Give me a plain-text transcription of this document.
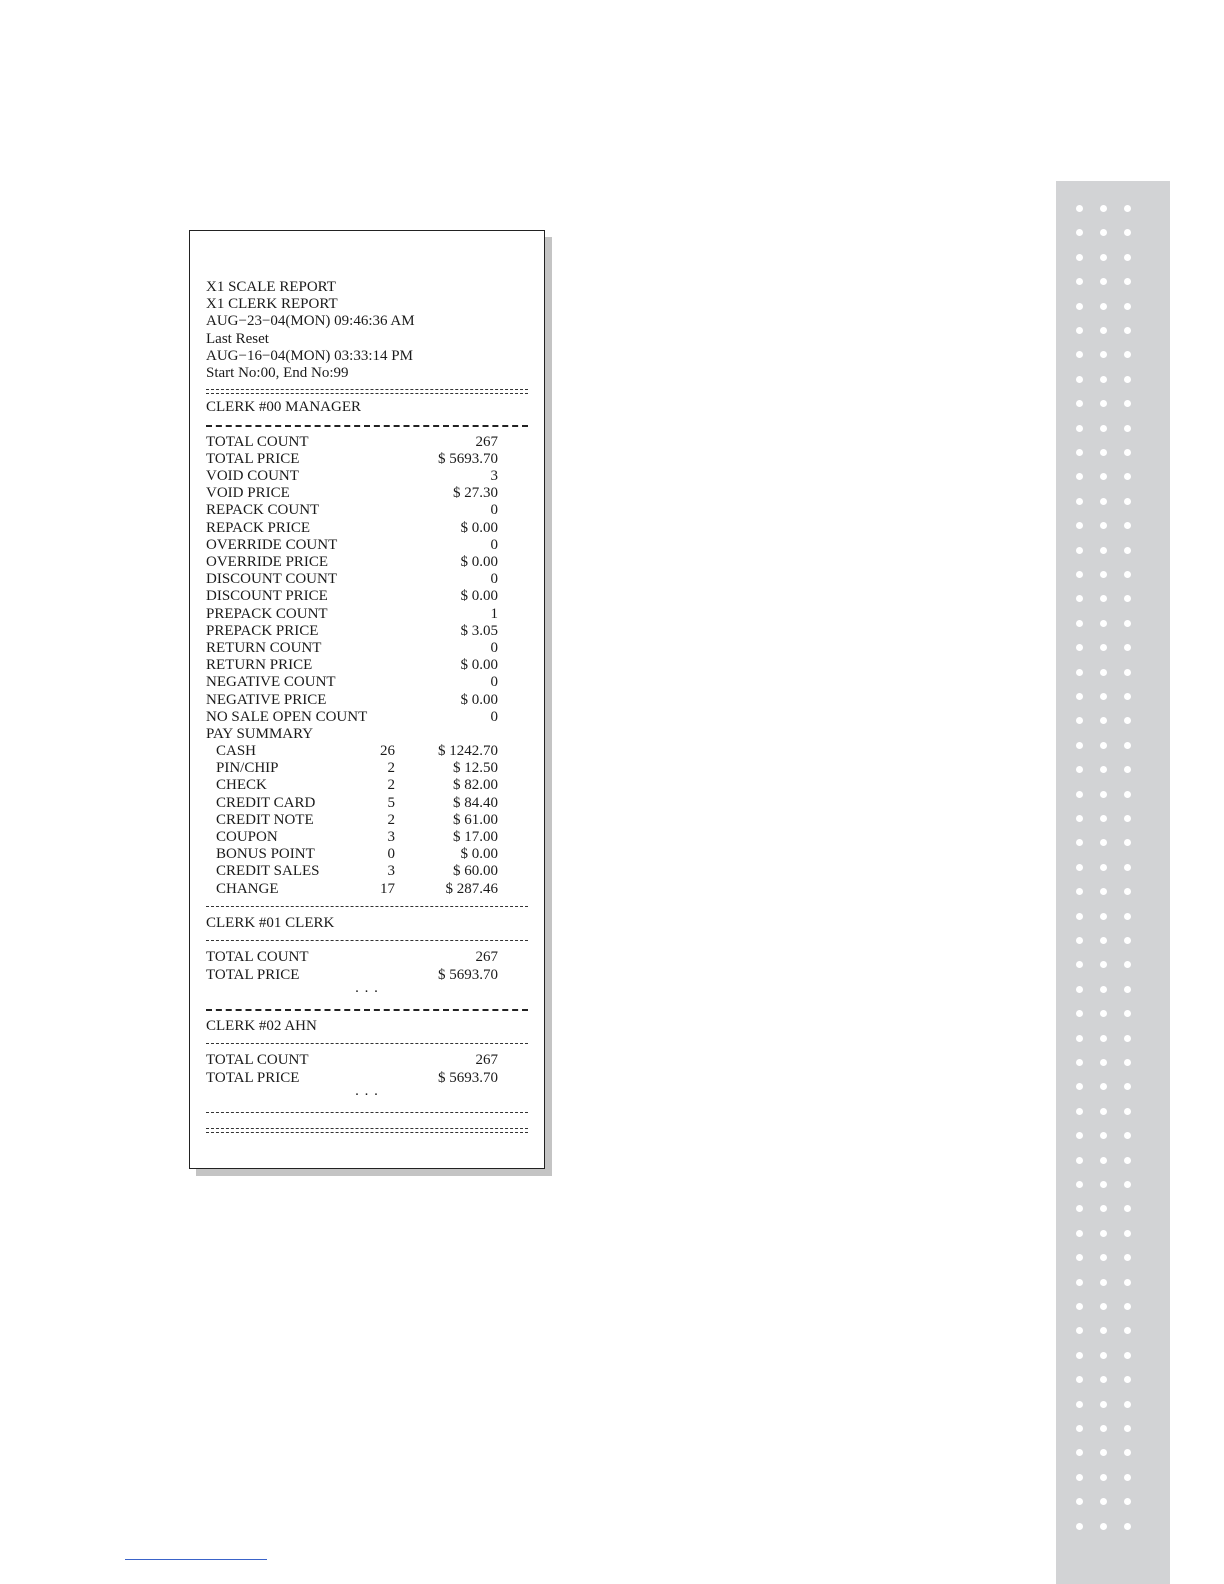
X1 SCALE REPORT
X1 CLERK REPORT
AUG−23−04(MON) 09:46:36 AM
Last Reset
AUG−16−04(MON) 03:33:14 PM
Start No:00, End No:99
CLERK #00 MANAGER
TOTAL COUNT	267
TOTAL PRICE	$ 5693.70
VOID COUNT	3
VOID PRICE	$ 27.30
REPACK COUNT	0
REPACK PRICE	$ 0.00
OVERRIDE COUNT	0
OVERRIDE PRICE	$ 0.00
DISCOUNT COUNT	0
DISCOUNT PRICE	$ 0.00
PREPACK COUNT	1
PREPACK PRICE	$ 3.05
RETURN COUNT	0
RETURN PRICE	$ 0.00
NEGATIVE COUNT	0
NEGATIVE PRICE	$ 0.00
NO SALE OPEN COUNT	0
PAY SUMMARY
CASH	26	$ 1242.70
PIN/CHIP	2	$ 12.50
CHECK	2	$ 82.00
CREDIT CARD	5	$ 84.40
CREDIT NOTE	2	$ 61.00
COUPON	3	$ 17.00
BONUS POINT	0	$ 0.00
CREDIT SALES	3	$ 60.00
CHANGE	17	$ 287.46
CLERK #01 CLERK
TOTAL COUNT	267
TOTAL PRICE	$ 5693.70
. . .
CLERK #02 AHN
TOTAL COUNT	267
TOTAL PRICE	$ 5693.70
. . .
